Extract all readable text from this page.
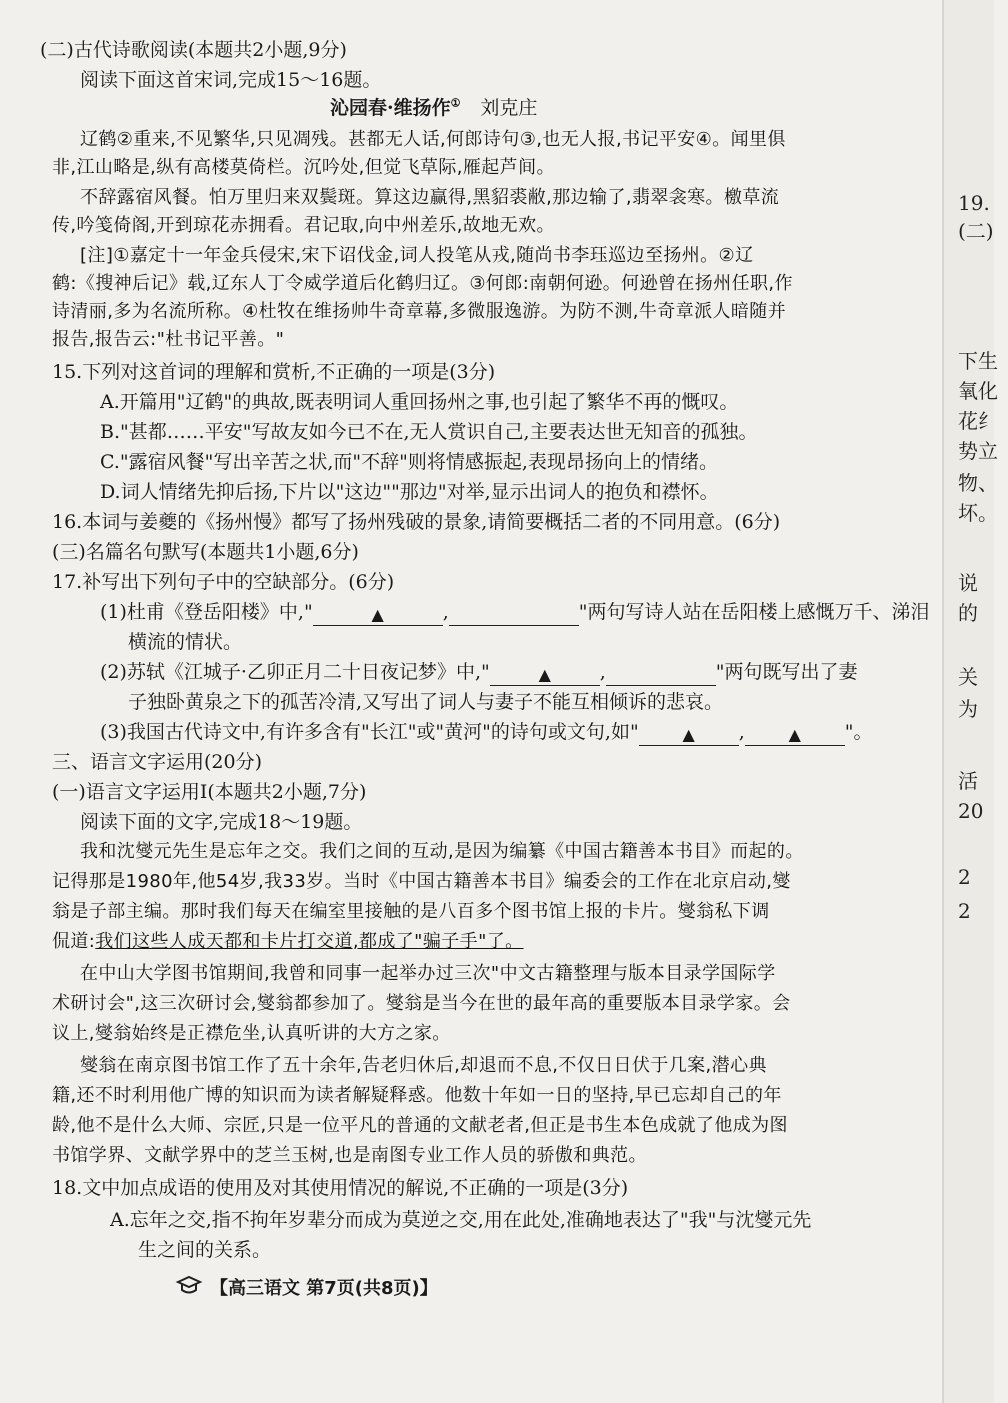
(二)古代诗歌阅读(本题共2小题,9分)
阅读下面这首宋词,完成15～16题。
沁园春·维扬作① 刘克庄
辽鹤②重来,不见繁华,只见凋残。甚都无人话,何郎诗句③,也无人报,书记平安④。闻里俱
非,江山略是,纵有高楼莫倚栏。沉吟处,但觉飞草际,雁起芦间。
不辞露宿风餐。怕万里归来双鬓斑。算这边赢得,黑貂裘敝,那边输了,翡翠衾寒。檄草流
传,吟笺倚阁,开到琼花赤拥看。君记取,向中州差乐,故地无欢。
[注]①嘉定十一年金兵侵宋,宋下诏伐金,词人投笔从戎,随尚书李珏巡边至扬州。②辽
鹤:《搜神后记》载,辽东人丁令威学道后化鹤归辽。③何郎:南朝何逊。何逊曾在扬州任职,作
诗清丽,多为名流所称。④杜牧在维扬帅牛奇章幕,多微服逸游。为防不测,牛奇章派人暗随并
报告,报告云:"杜书记平善。"
15.下列对这首词的理解和赏析,不正确的一项是(3分)
A.开篇用"辽鹤"的典故,既表明词人重回扬州之事,也引起了繁华不再的慨叹。
B."甚都……平安"写故友如今已不在,无人赏识自己,主要表达世无知音的孤独。
C."露宿风餐"写出辛苦之状,而"不辞"则将情感振起,表现昂扬向上的情绪。
D.词人情绪先抑后扬,下片以"这边""那边"对举,显示出词人的抱负和襟怀。
16.本词与姜夔的《扬州慢》都写了扬州残破的景象,请简要概括二者的不同用意。(6分)
(三)名篇名句默写(本题共1小题,6分)
17.补写出下列句子中的空缺部分。(6分)
(1)杜甫《登岳阳楼》中,"	▲	,	"两句写诗人站在岳阳楼上感慨万千、涕泪
横流的情状。
(2)苏轼《江城子·乙卯正月二十日夜记梦》中,"	▲	,	"两句既写出了妻
子独卧黄泉之下的孤苦冷清,又写出了词人与妻子不能互相倾诉的悲哀。
(3)我国古代诗文中,有许多含有"长江"或"黄河"的诗句或文句,如"	▲ ,	▲ "。
三、语言文字运用(20分)
(一)语言文字运用Ⅰ(本题共2小题,7分)
阅读下面的文字,完成18～19题。
我和沈燮元先生是忘年之交。我们之间的互动,是因为编纂《中国古籍善本书目》而起的。
记得那是1980年,他54岁,我33岁。当时《中国古籍善本书目》编委会的工作在北京启动,燮
翁是子部主编。那时我们每天在编室里接触的是八百多个图书馆上报的卡片。燮翁私下调
侃道:我们这些人成天都和卡片打交道,都成了"骗子手"了。
在中山大学图书馆期间,我曾和同事一起举办过三次"中文古籍整理与版本目录学国际学
术研讨会",这三次研讨会,燮翁都参加了。燮翁是当今在世的最年高的重要版本目录学家。会
议上,燮翁始终是正襟危坐,认真听讲的大方之家。
燮翁在南京图书馆工作了五十余年,告老归休后,却退而不息,不仅日日伏于几案,潜心典
籍,还不时利用他广博的知识而为读者解疑释惑。他数十年如一日的坚持,早已忘却自己的年
龄,他不是什么大师、宗匠,只是一位平凡的普通的文献老者,但正是书生本色成就了他成为图
书馆学界、文献学界中的芝兰玉树,也是南图专业工作人员的骄傲和典范。
18.文中加点成语的使用及对其使用情况的解说,不正确的一项是(3分)
A.忘年之交,指不拘年岁辈分而成为莫逆之交,用在此处,准确地表达了"我"与沈燮元先
生之间的关系。
【高三语文 第7页(共8页)】
19.
(二)
下生
氧化
花纟
势立
物、
坏。
说
的
关
为
活
20
2
2
